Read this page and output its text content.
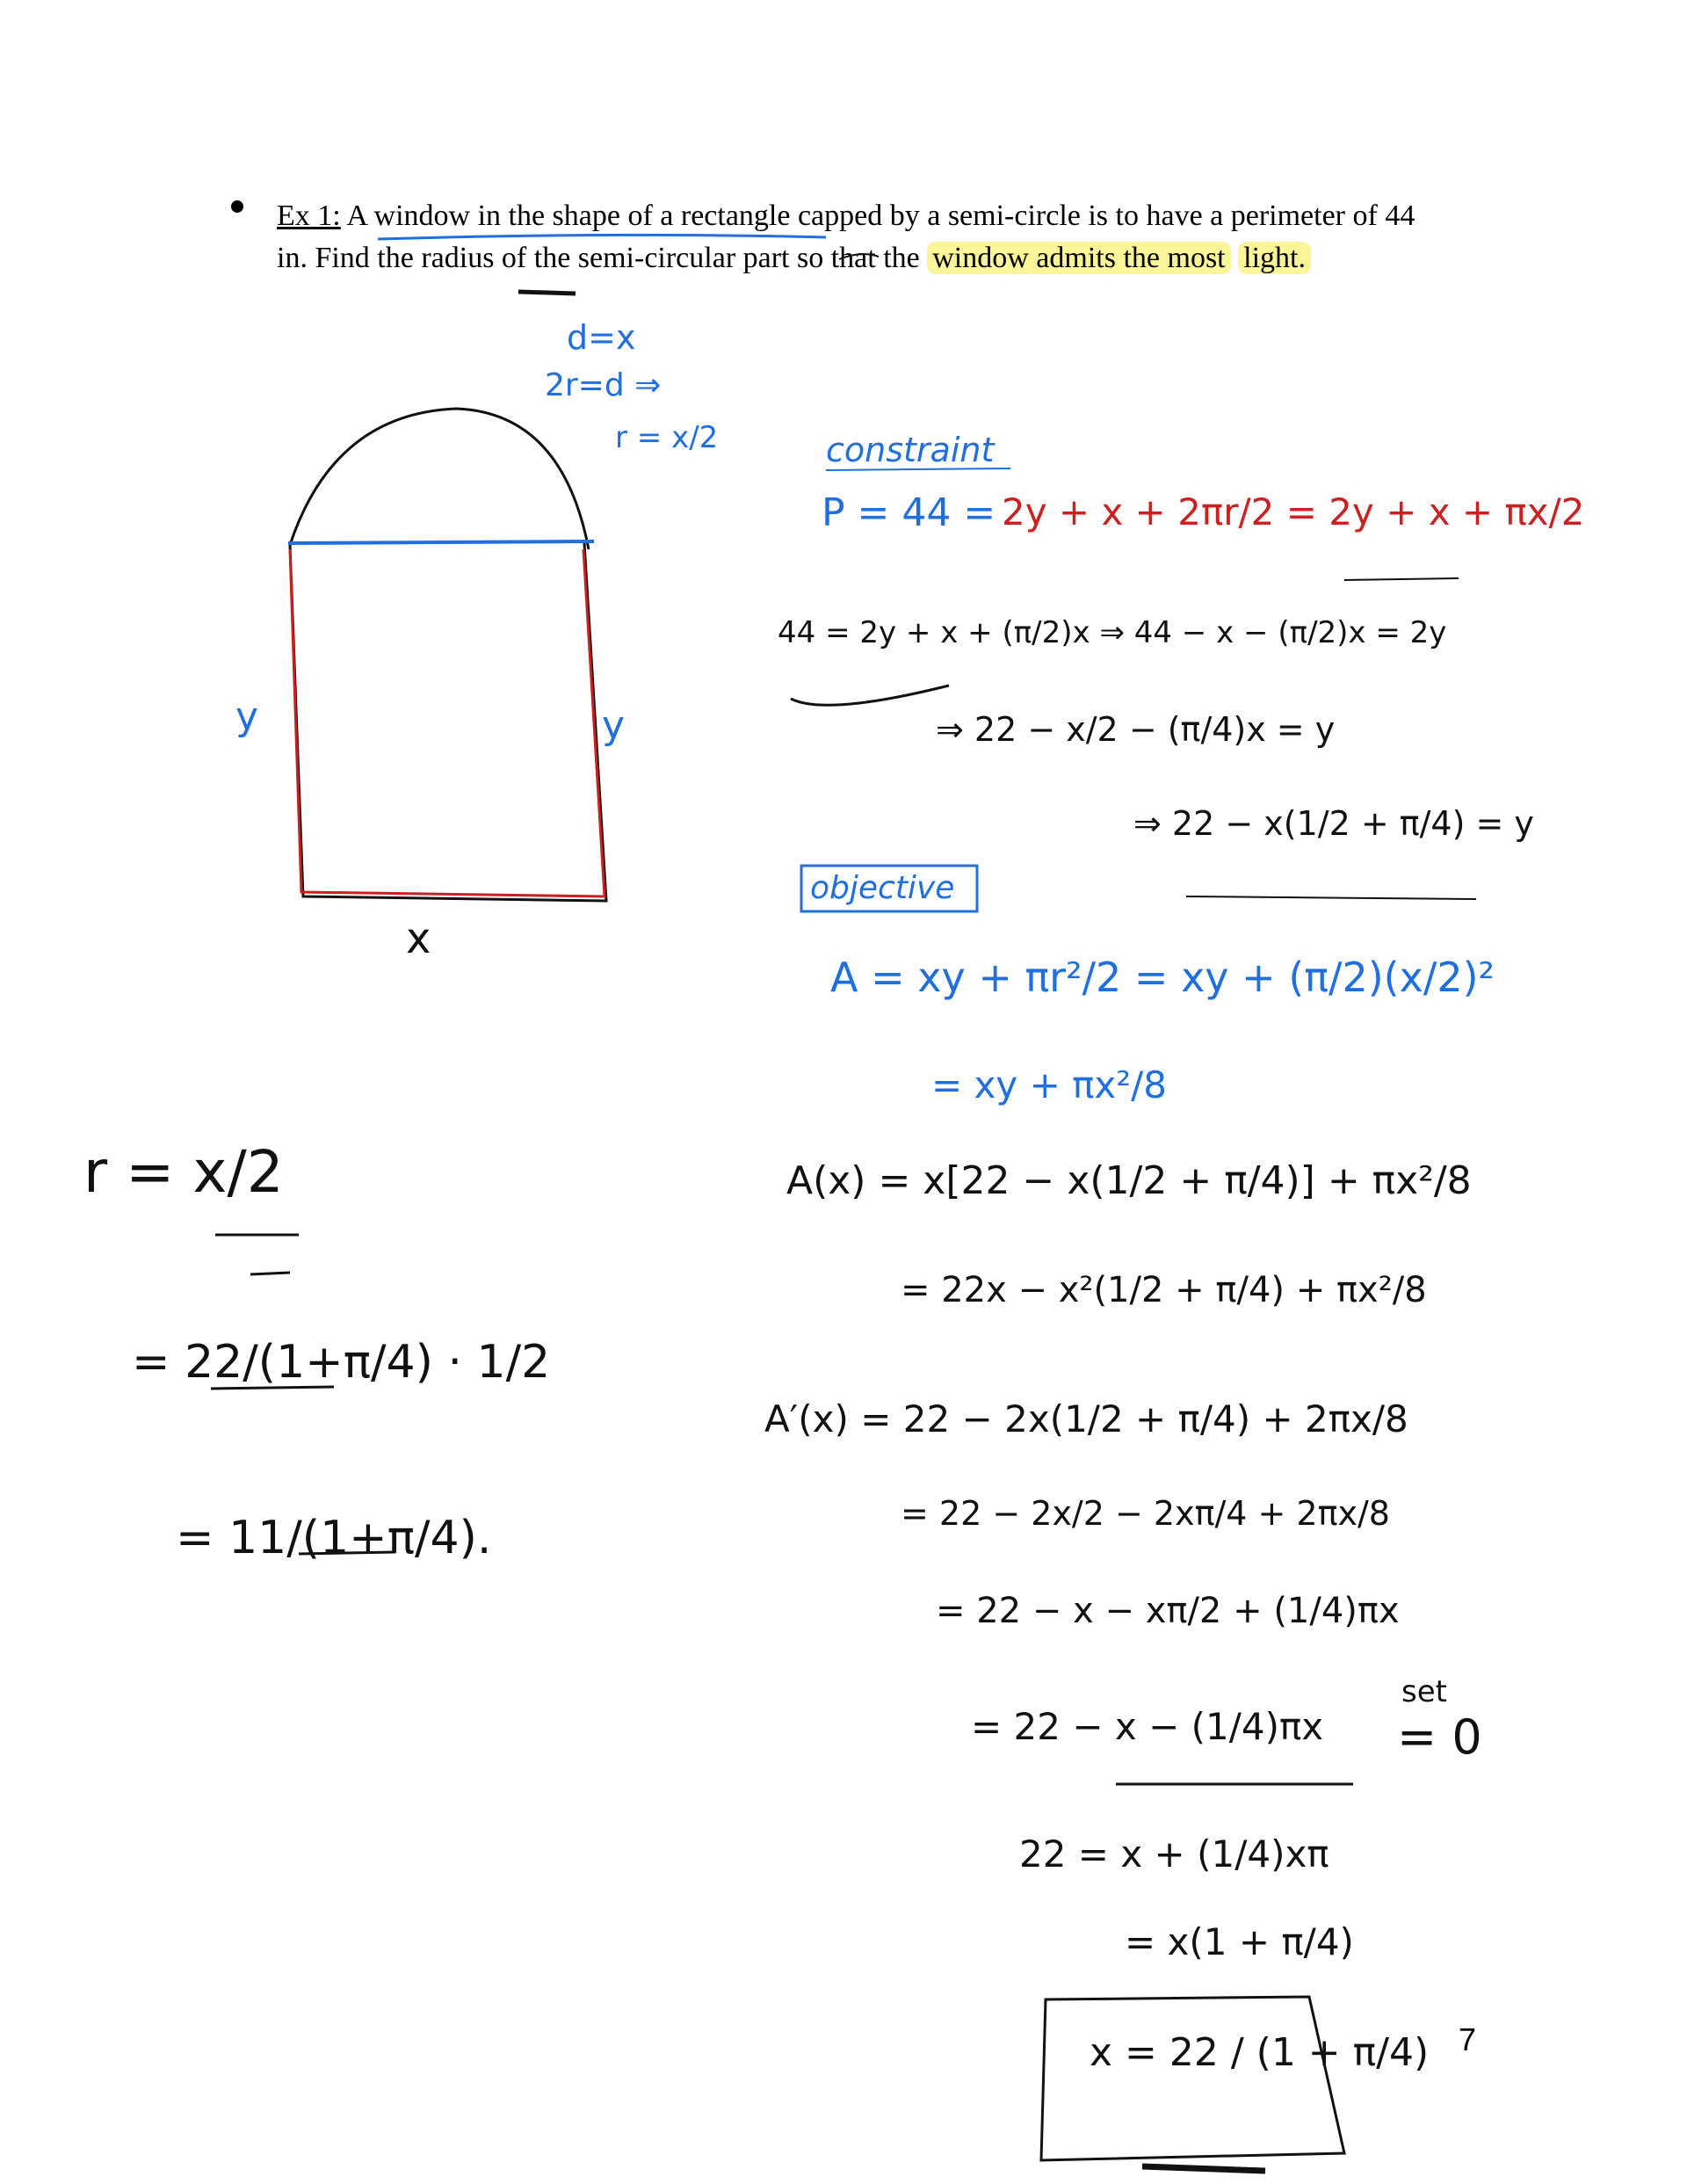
Ex 1: A window in the shape of a rectangle capped by a semi-circle is to have a perimeter of 44 in. Find the radius of the semi-circular part so that the window admits the most light.
d=x
2r=d ⇒
r = x/2
y	y
x
constraint
P = 44 = 2y + x + 2πr/2 = 2y + x + πx/2
44 = 2y + x + (π/2)x ⇒ 44 − x − (π/2)x = 2y
⇒ 22 − x/2 − (π/4)x = y
⇒ 22 − x(1/2 + π/4) = y
objective
A = xy + πr²/2 = xy + (π/2)(x/2)²
= xy + πx²/8
A(x) = x[22 − x(1/2 + π/4)] + πx²/8
= 22x − x²(1/2 + π/4) + πx²/8
A′(x) = 22 − 2x(1/2 + π/4) + 2πx/8
= 22 − 2x/2 − 2xπ/4 + 2πx/8
= 22 − x − xπ/2 + (1/4)πx
= 22 − x − (1/4)πx
set
= 0
22 = x + (1/4)xπ
= x(1 + π/4)
x = 22 / (1 + π/4)
r = x/2
= 22/(1+π/4) · 1/2
= 11/(1+π/4).
7
